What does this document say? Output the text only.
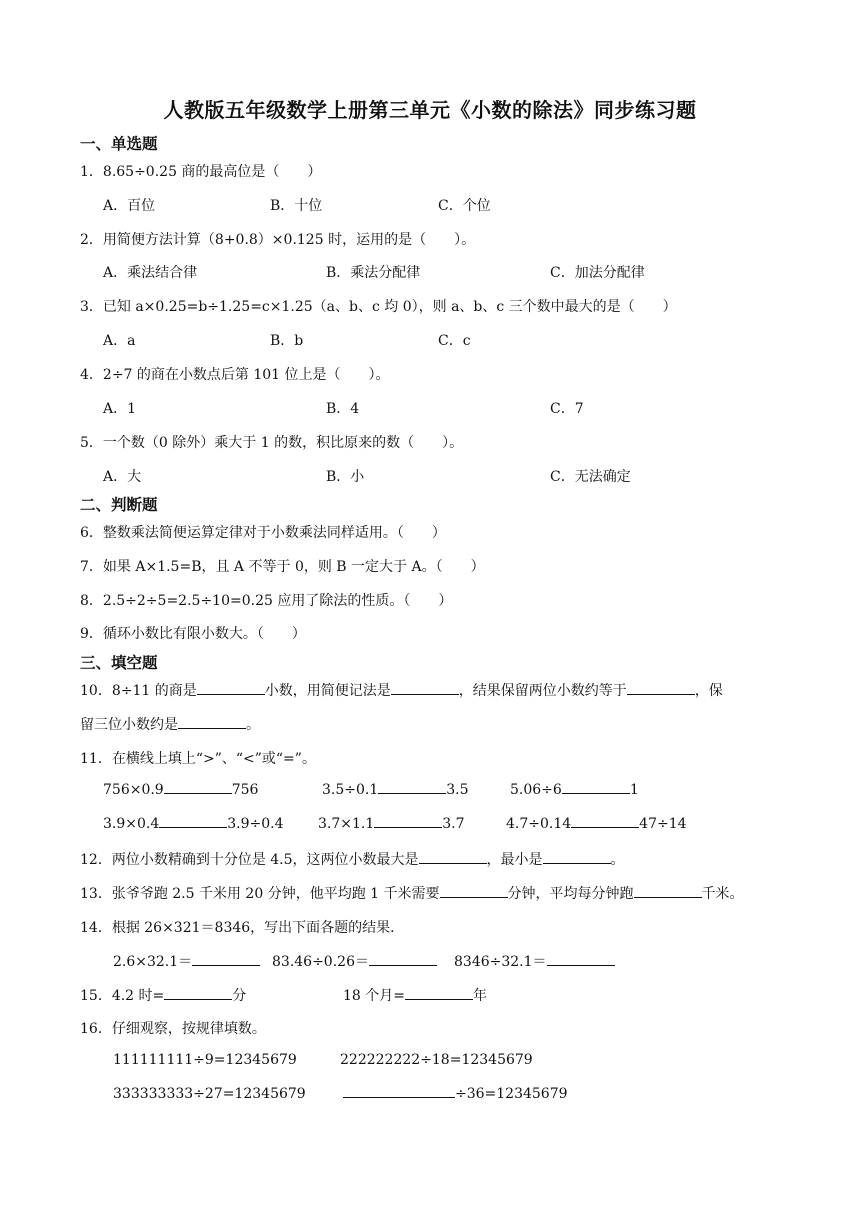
人教版五年级数学上册第三单元《小数的除法》同步练习题
一、单选题
1．8.65÷0.25 商的最高位是（　　）
A．百位	B．十位	C．个位
2．用简便方法计算（8+0.8）×0.125 时，运用的是（　　）。
A．乘法结合律	B．乘法分配律	C．加法分配律
3．已知 a×0.25=b÷1.25=c×1.25（a、b、c 均 0），则 a、b、c 三个数中最大的是（　　）
A．a	B．b	C．c
4．2÷7 的商在小数点后第 101 位上是（　　）。
A．1	B．4	C．7
5．一个数（0 除外）乘大于 1 的数，积比原来的数（　　）。
A．大	B．小	C．无法确定
二、判断题
6．整数乘法简便运算定律对于小数乘法同样适用。（　　）
7．如果 A×1.5=B，且 A 不等于 0，则 B 一定大于 A。（　　）
8．2.5÷2÷5=2.5÷10=0.25 应用了除法的性质。（　　）
9．循环小数比有限小数大。（　　）
三、填空题
10．8÷11 的商是	小数，用简便记法是	，结果保留两位小数约等于	，保
留三位小数约是	。
11．在横线上填上“>”、“<”或“=”。
756×0.9	756	3.5÷0.1	3.5	5.06÷6	1
3.9×0.4	3.9÷0.4 3.7×1.1	3.7	4.7÷0.14	47÷14
12．两位小数精确到十分位是 4.5，这两位小数最大是	，最小是	。
13．张爷爷跑 2.5 千米用 20 分钟，他平均跑 1 千米需要	分钟，平均每分钟跑	千米。
14．根据 26×321＝8346，写出下面各题的结果．
2.6×32.1＝	83.46÷0.26＝	8346÷32.1＝
15．4.2 时=	分	18 个月=	年
16．仔细观察，按规律填数。
111111111÷9=12345679	222222222÷18=12345679
333333333÷27=12345679	÷36=12345679
